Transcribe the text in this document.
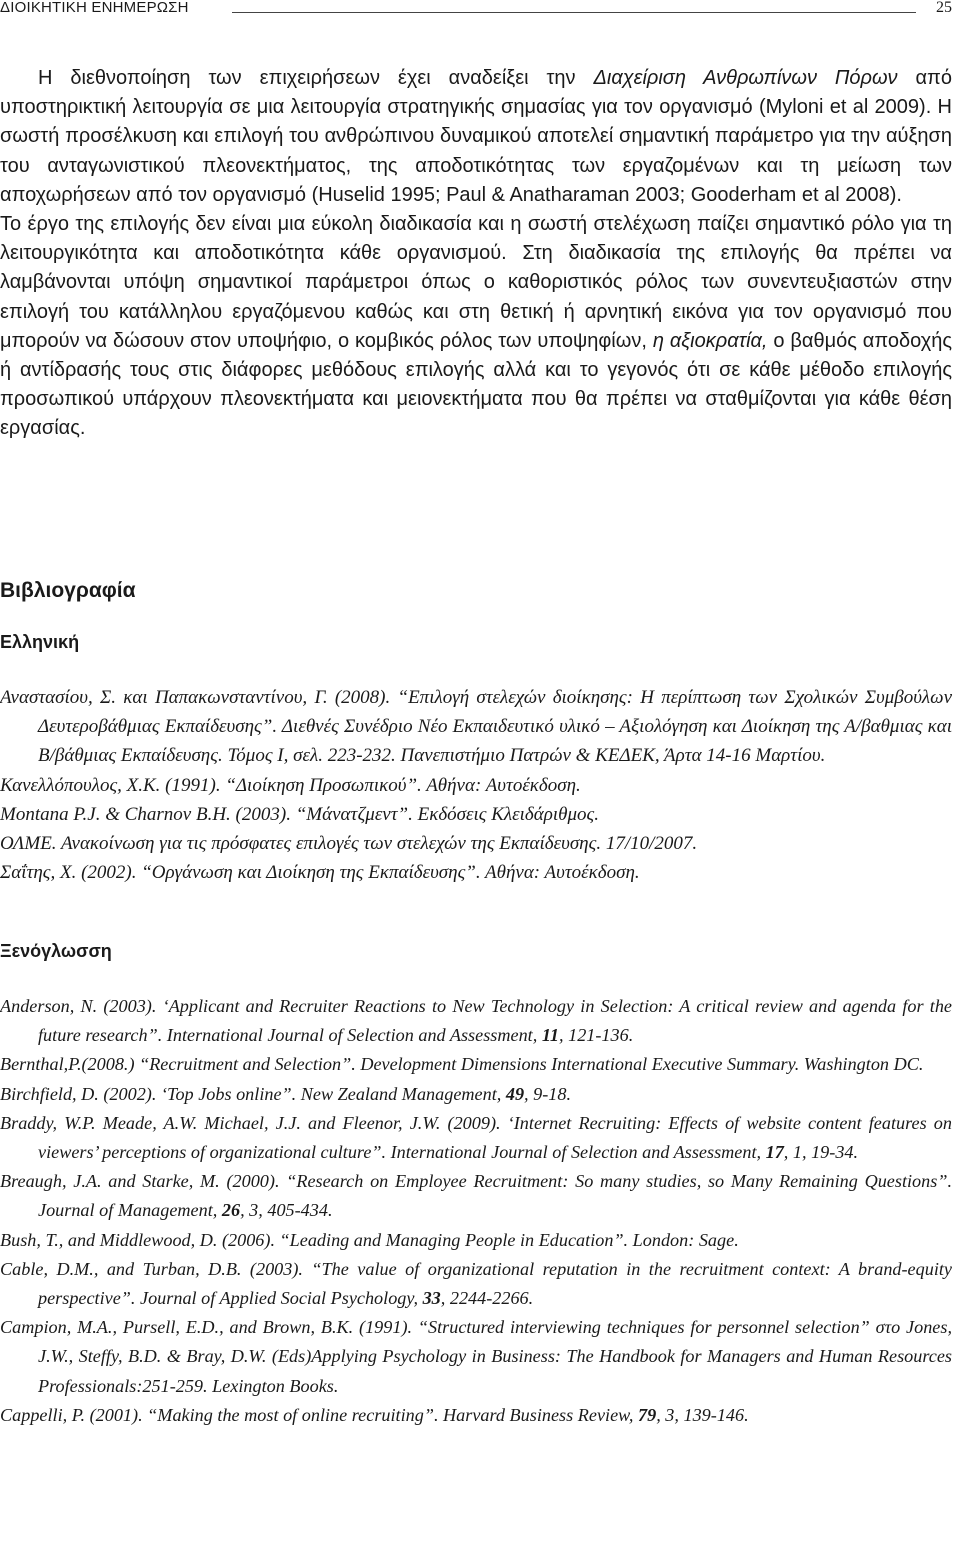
ΔΙΟΙΚΗΤΙΚΗ ΕΝΗΜΕΡΩΣΗ	25

Η διεθνοποίηση των επιχειρήσεων έχει αναδείξει την Διαχείριση Ανθρωπίνων Πόρων από υποστηρικτική λειτουργία σε μια λειτουργία στρατηγικής σημασίας για τον οργανισμό (Myloni et al 2009). Η σωστή προσέλκυση και επιλογή του ανθρώπινου δυναμικού αποτελεί σημαντική παράμετρο για την αύξηση του ανταγωνιστικού πλεονεκτήματος, της αποδοτικότητας των εργαζομένων και τη μείωση των αποχωρήσεων από τον οργανισμό (Huselid 1995; Paul & Anatharaman 2003; Gooderham et al 2008).

Το έργο της επιλογής δεν είναι μια εύκολη διαδικασία και η σωστή στελέχωση παίζει σημαντικό ρόλο για τη λειτουργικότητα και αποδοτικότητα κάθε οργανισμού. Στη διαδικασία της επιλογής θα πρέπει να λαμβάνονται υπόψη σημαντικοί παράμετροι όπως ο καθοριστικός ρόλος των συνεντευξιαστών στην επιλογή του κατάλληλου εργαζόμενου καθώς και στη θετική ή αρνητική εικόνα για τον οργανισμό που μπορούν να δώσουν στον υποψήφιο, ο κομβικός ρόλος των υποψηφίων, η αξιοκρατία, ο βαθμός αποδοχής ή αντίδρασής τους στις διάφορες μεθόδους επιλογής αλλά και το γεγονός ότι σε κάθε μέθοδο επιλογής προσωπικού υπάρχουν πλεονεκτήματα και μειονεκτήματα που θα πρέπει να σταθμίζονται για κάθε θέση εργασίας.

Βιβλιογραφία
Ελληνική

Αναστασίου, Σ. και Παπακωνσταντίνου, Γ. (2008). “Επιλογή στελεχών διοίκησης: Η περίπτωση των Σχολικών Συμβούλων Δευτεροβάθμιας Εκπαίδευσης”. Διεθνές Συνέδριο Νέο Εκπαιδευτικό υλικό – Αξιολόγηση και Διοίκηση της Α/βαθμιας και Β/βάθμιας Εκπαίδευσης. Τόμος Ι, σελ. 223-232. Πανεπιστήμιο Πατρών & ΚΕΔΕΚ, Άρτα 14-16 Μαρτίου.

Κανελλόπουλος, Χ.Κ. (1991). “Διοίκηση Προσωπικού”. Αθήνα: Αυτοέκδοση.

Montana P.J. & Charnov B.H. (2003). “Μάνατζμεντ”. Εκδόσεις Κλειδάριθμος.

ΟΛΜΕ. Ανακοίνωση για τις πρόσφατες επιλογές των στελεχών της Εκπαίδευσης. 17/10/2007.

Σαΐτης, Χ. (2002). “Οργάνωση και Διοίκηση της Εκπαίδευσης”. Αθήνα: Αυτοέκδοση.

Ξενόγλωσση

Anderson, N. (2003). ‘Applicant and Recruiter Reactions to New Technology in Selection: A critical review and agenda for the future research”. International Journal of Selection and Assessment, 11, 121-136.

Bernthal,P.(2008.) “Recruitment and Selection”. Development Dimensions International Executive Summary. Washington DC.

Birchfield, D. (2002). ‘Top Jobs online”. New Zealand Management, 49, 9-18.

Braddy, W.P. Meade, A.W. Michael, J.J. and Fleenor, J.W. (2009). ‘Internet Recruiting: Effects of website content features on viewers’ perceptions of organizational culture”. International Journal of Selection and Assessment, 17, 1, 19-34.

Breaugh, J.A. and Starke, M. (2000). “Research on Employee Recruitment: So many studies, so Many Remaining Questions”. Journal of Management, 26, 3, 405-434.

Bush, T., and Middlewood, D. (2006). “Leading and Managing People in Education”. London: Sage.

Cable, D.M., and Turban, D.B. (2003). “The value of organizational reputation in the recruitment context: A brand-equity perspective”. Journal of Applied Social Psychology, 33, 2244-2266.

Campion, M.A., Pursell, E.D., and Brown, B.K. (1991). “Structured interviewing techniques for personnel selection” στο Jones, J.W., Steffy, B.D. & Bray, D.W. (Eds)Applying Psychology in Business: The Handbook for Managers and Human Resources Professionals:251-259. Lexington Books.

Cappelli, P. (2001). “Making the most of online recruiting”. Harvard Business Review, 79, 3, 139-146.
